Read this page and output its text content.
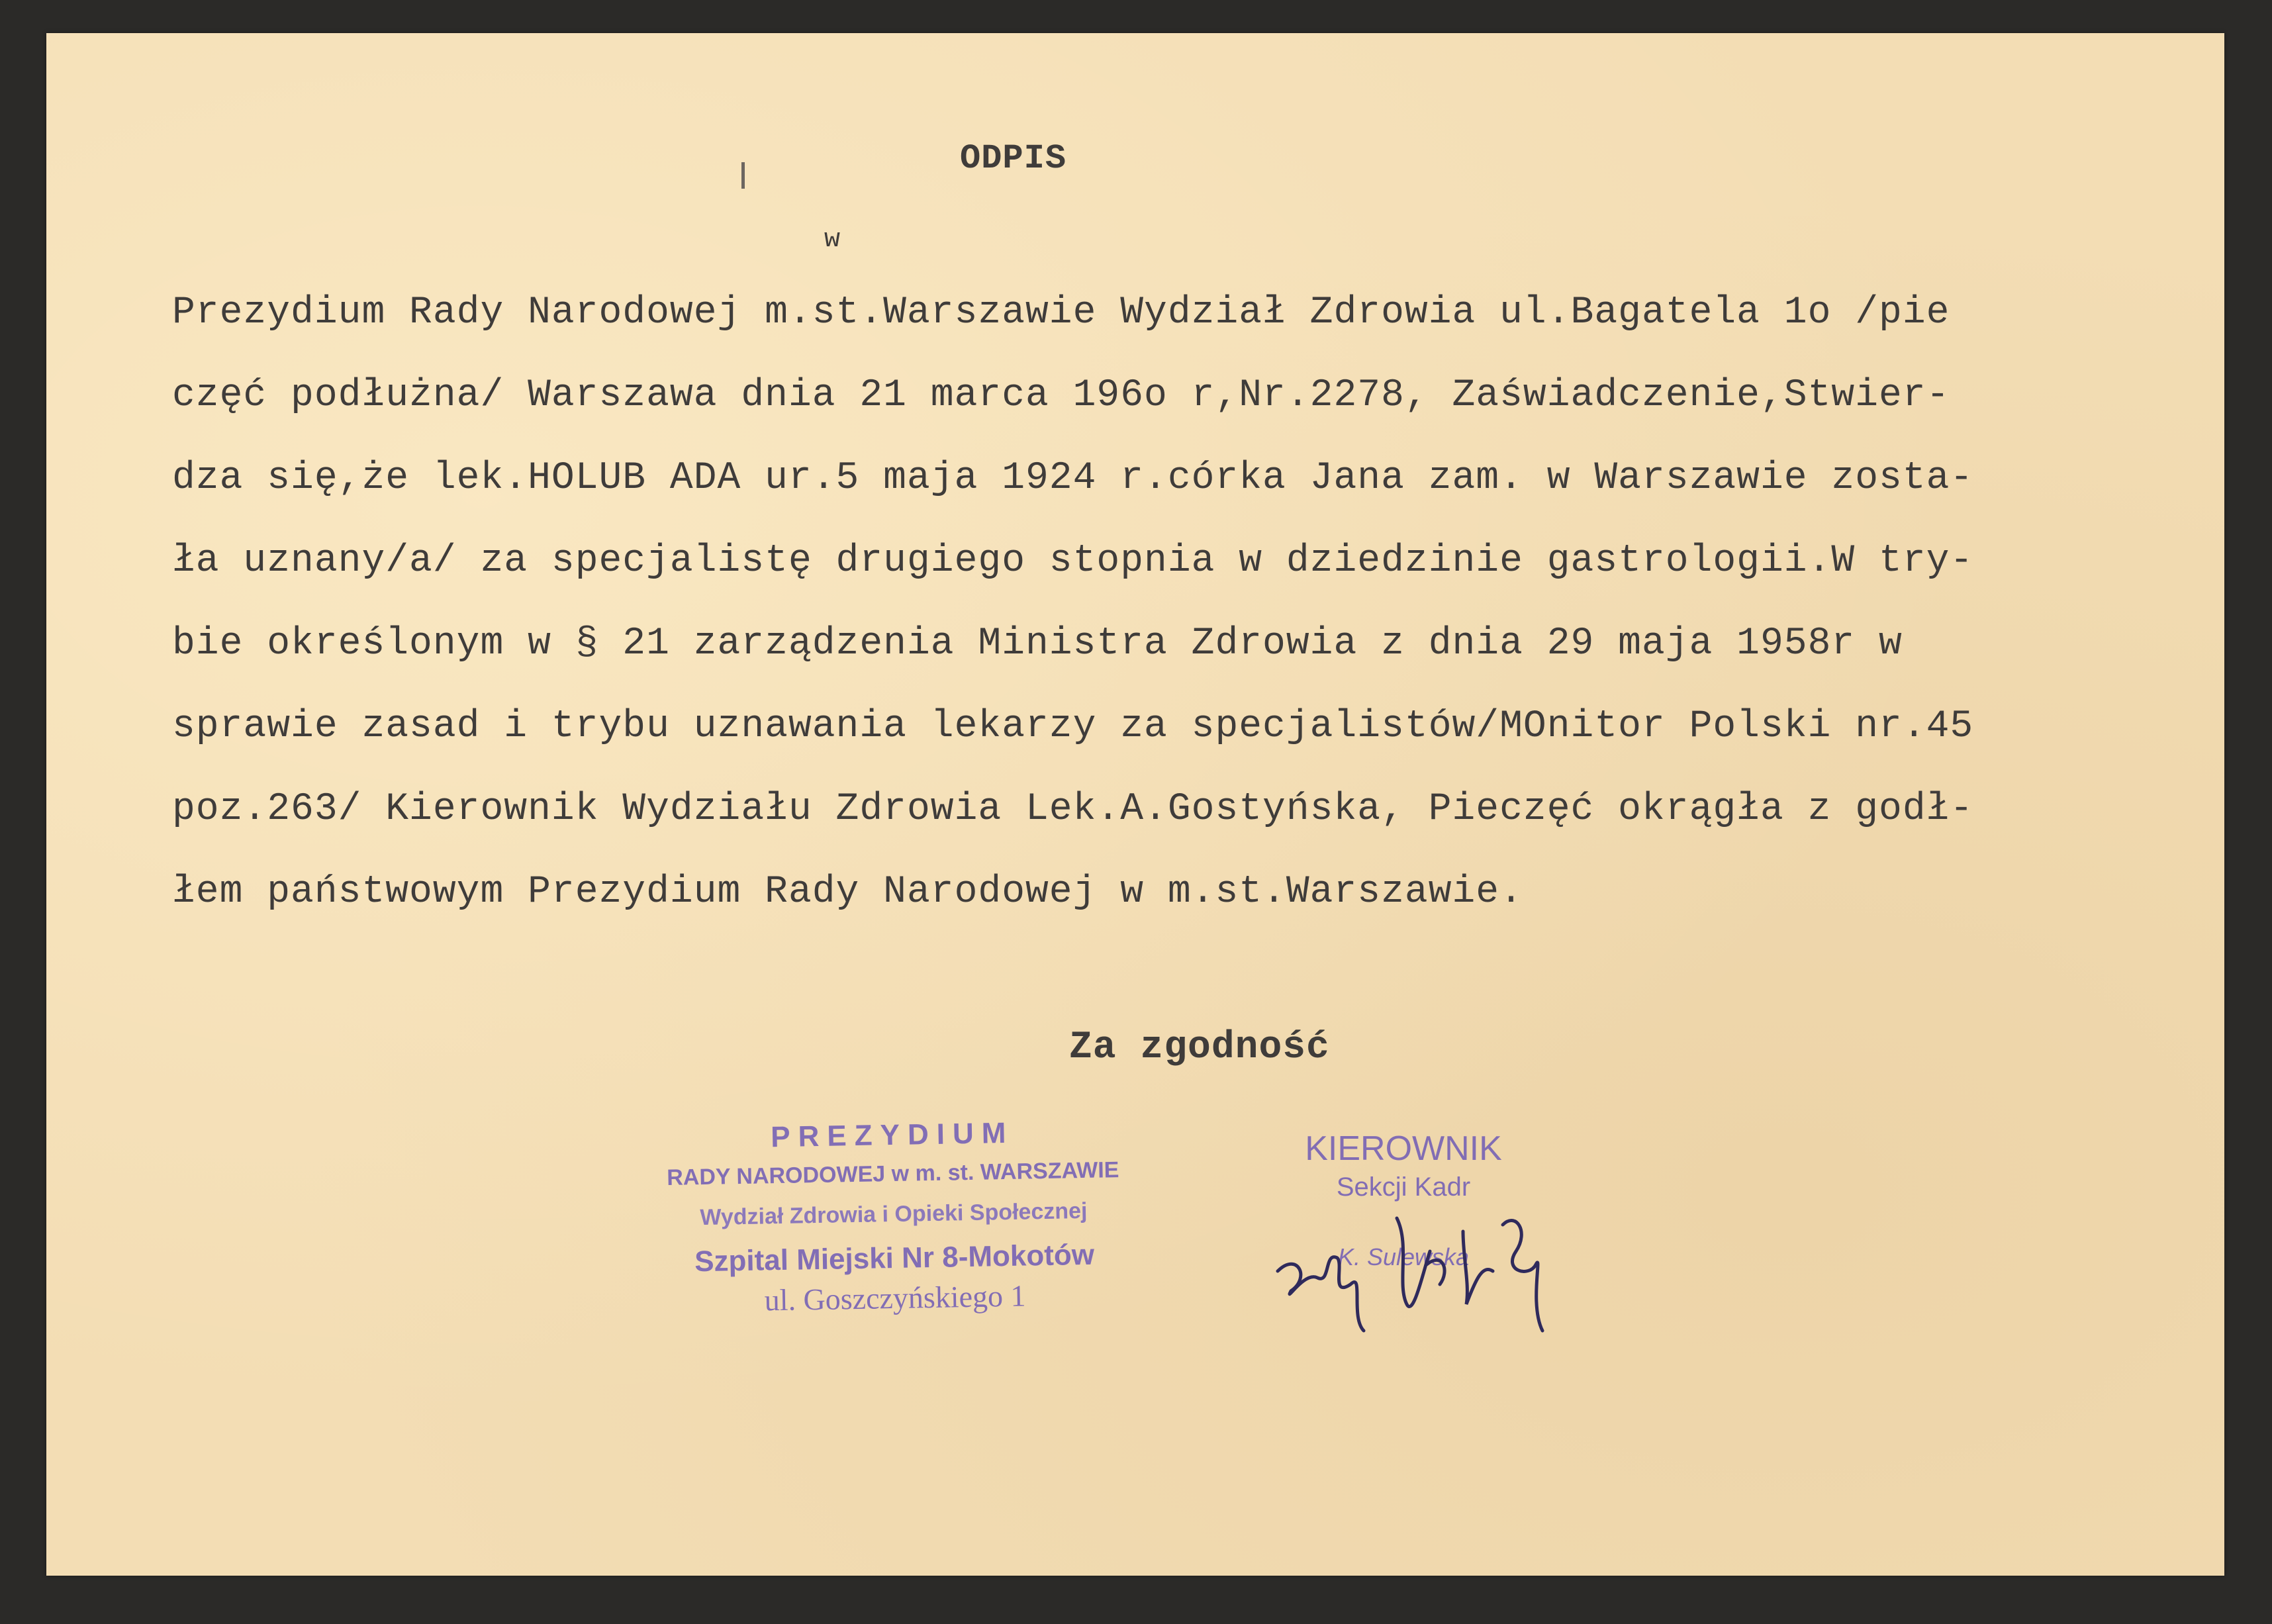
ODPIS
w
Prezydium Rady Narodowej m.st.Warszawie Wydział Zdrowia ul.Bagatela 1o /pie
częć podłużna/ Warszawa dnia 21 marca 196o r,Nr.2278, Zaświadczenie,Stwier-
dza się,że lek.HOLUB ADA ur.5 maja 1924 r.córka Jana zam. w Warszawie zosta-
ła uznany/a/ za specjalistę drugiego stopnia w dziedzinie gastrologii.W try-
bie określonym w § 21 zarządzenia Ministra Zdrowia z dnia 29 maja 1958r w
sprawie zasad i trybu uznawania lekarzy za specjalistów/MOnitor Polski nr.45
poz.263/ Kierownik Wydziału Zdrowia Lek.A.Gostyńska, Pieczęć okrągła z godł-
łem państwowym Prezydium Rady Narodowej w m.st.Warszawie.
Za zgodność
PREZYDIUM
RADY NARODOWEJ w m. st. WARSZAWIE
Wydział Zdrowia i Opieki Społecznej
Szpital Miejski Nr 8-Mokotów
ul. Goszczyńskiego 1
KIEROWNIK
Sekcji Kadr
K. Sulewska
